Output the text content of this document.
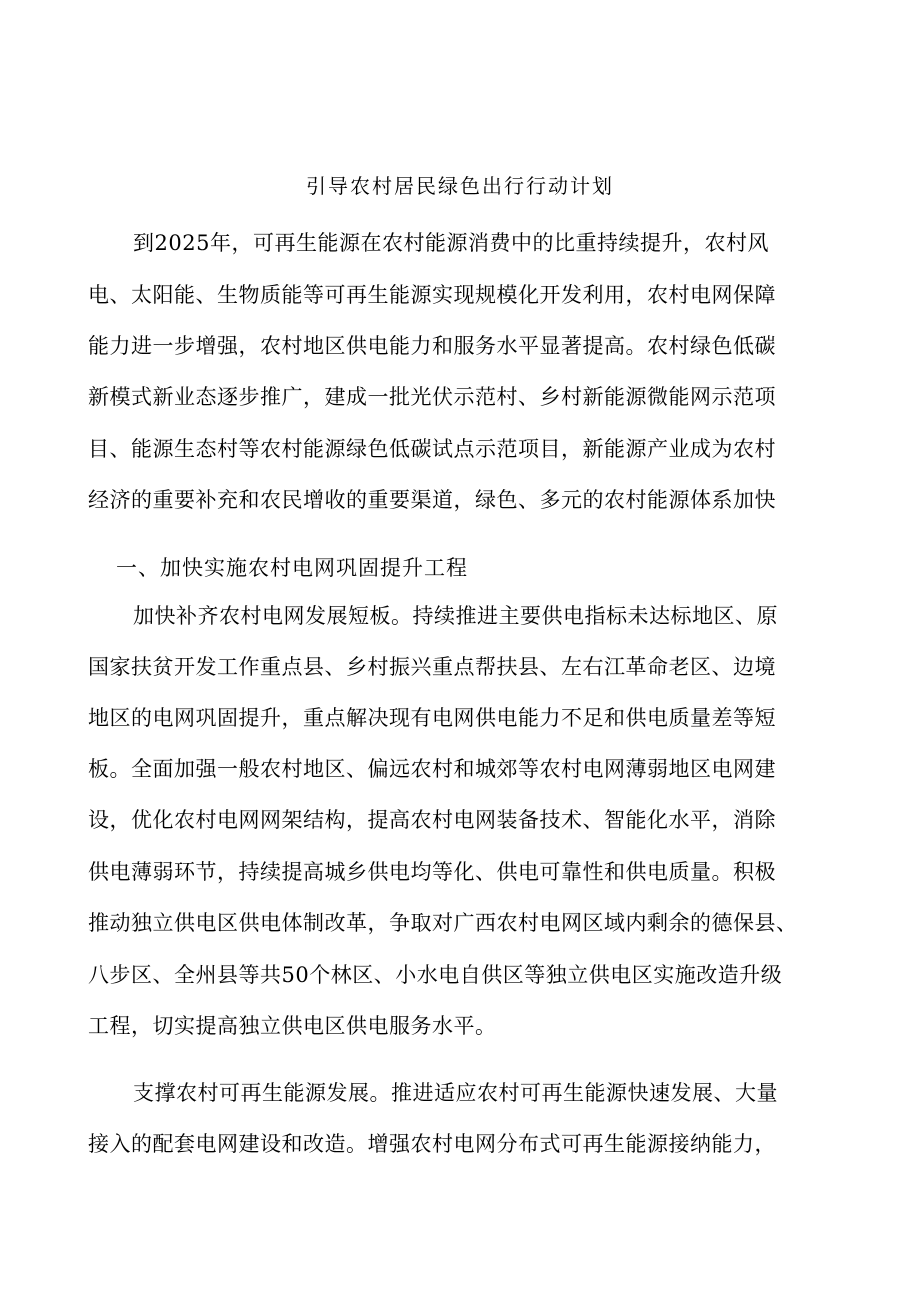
引导农村居民绿色出行行动计划
到2025年，可再生能源在农村能源消费中的比重持续提升，农村风
电、太阳能、生物质能等可再生能源实现规模化开发利用，农村电网保障
能力进一步增强，农村地区供电能力和服务水平显著提高。农村绿色低碳
新模式新业态逐步推广，建成一批光伏示范村、乡村新能源微能网示范项
目、能源生态村等农村能源绿色低碳试点示范项目，新能源产业成为农村
经济的重要补充和农民增收的重要渠道，绿色、多元的农村能源体系加快
一、加快实施农村电网巩固提升工程
加快补齐农村电网发展短板。持续推进主要供电指标未达标地区、原
国家扶贫开发工作重点县、乡村振兴重点帮扶县、左右江革命老区、边境
地区的电网巩固提升，重点解决现有电网供电能力不足和供电质量差等短
板。全面加强一般农村地区、偏远农村和城郊等农村电网薄弱地区电网建
设，优化农村电网网架结构，提高农村电网装备技术、智能化水平，消除
供电薄弱环节，持续提高城乡供电均等化、供电可靠性和供电质量。积极
推动独立供电区供电体制改革，争取对广西农村电网区域内剩余的德保县、
八步区、全州县等共50个林区、小水电自供区等独立供电区实施改造升级
工程，切实提高独立供电区供电服务水平。
支撑农村可再生能源发展。推进适应农村可再生能源快速发展、大量
接入的配套电网建设和改造。增强农村电网分布式可再生能源接纳能力，
